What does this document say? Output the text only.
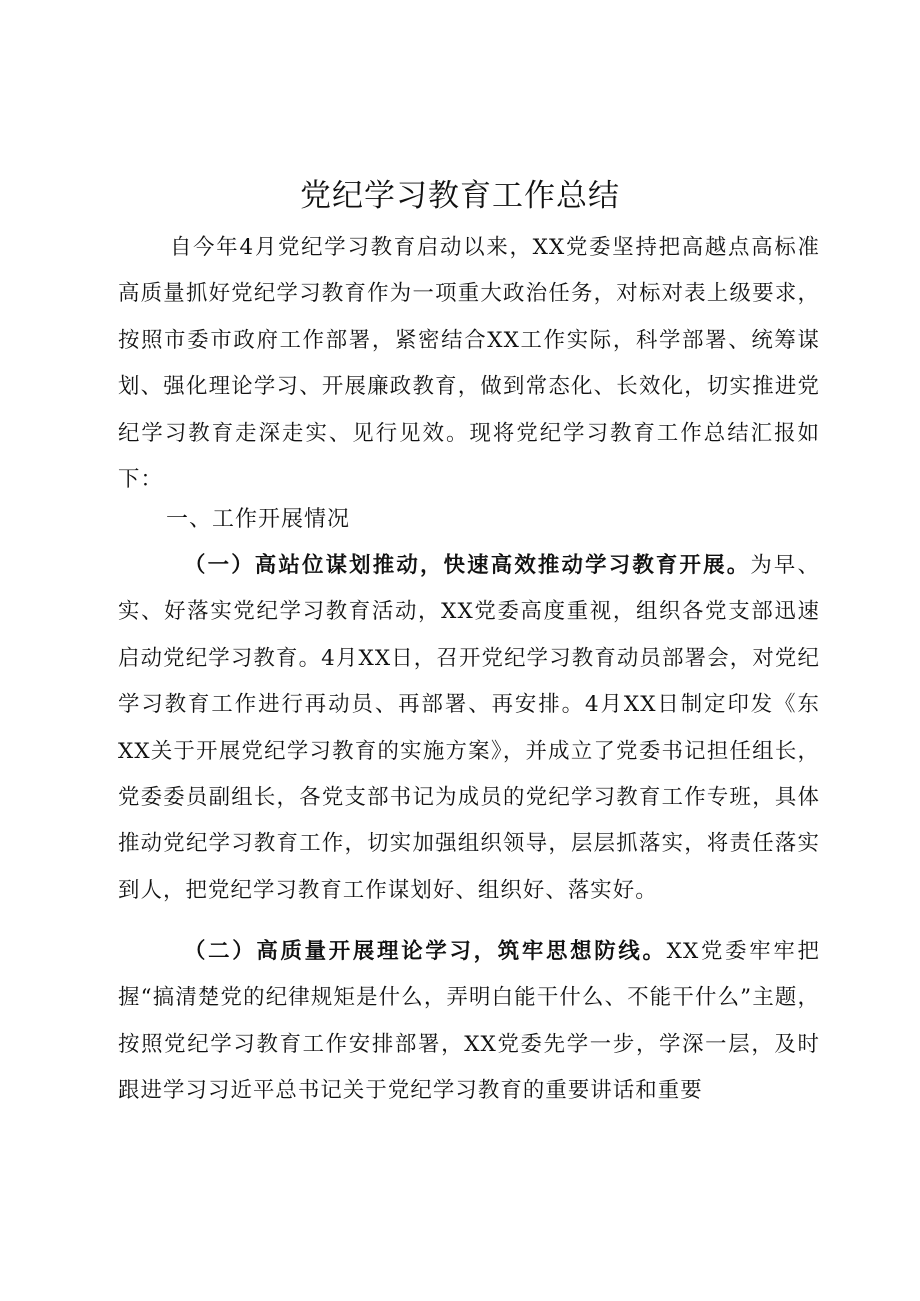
党纪学习教育工作总结

自今年4月党纪学习教育启动以来，XX党委坚持把高越点高标准高质量抓好党纪学习教育作为一项重大政治任务，对标对表上级要求，按照市委市政府工作部署，紧密结合XX工作实际，科学部署、统筹谋划、强化理论学习、开展廉政教育，做到常态化、长效化，切实推进党纪学习教育走深走实、见行见效。现将党纪学习教育工作总结汇报如下：

一、工作开展情况

（一）高站位谋划推动，快速高效推动学习教育开展。为早、实、好落实党纪学习教育活动，XX党委高度重视，组织各党支部迅速启动党纪学习教育。4月XX日，召开党纪学习教育动员部署会，对党纪学习教育工作进行再动员、再部署、再安排。4月XX日制定印发《东XX关于开展党纪学习教育的实施方案》，并成立了党委书记担任组长，党委委员副组长，各党支部书记为成员的党纪学习教育工作专班，具体推动党纪学习教育工作，切实加强组织领导，层层抓落实，将责任落实到人，把党纪学习教育工作谋划好、组织好、落实好。

（二）高质量开展理论学习，筑牢思想防线。XX党委牢牢把握“搞清楚党的纪律规矩是什么，弄明白能干什么、不能干什么”主题，按照党纪学习教育工作安排部署，XX党委先学一步，学深一层，及时跟进学习习近平总书记关于党纪学习教育的重要讲话和重要
